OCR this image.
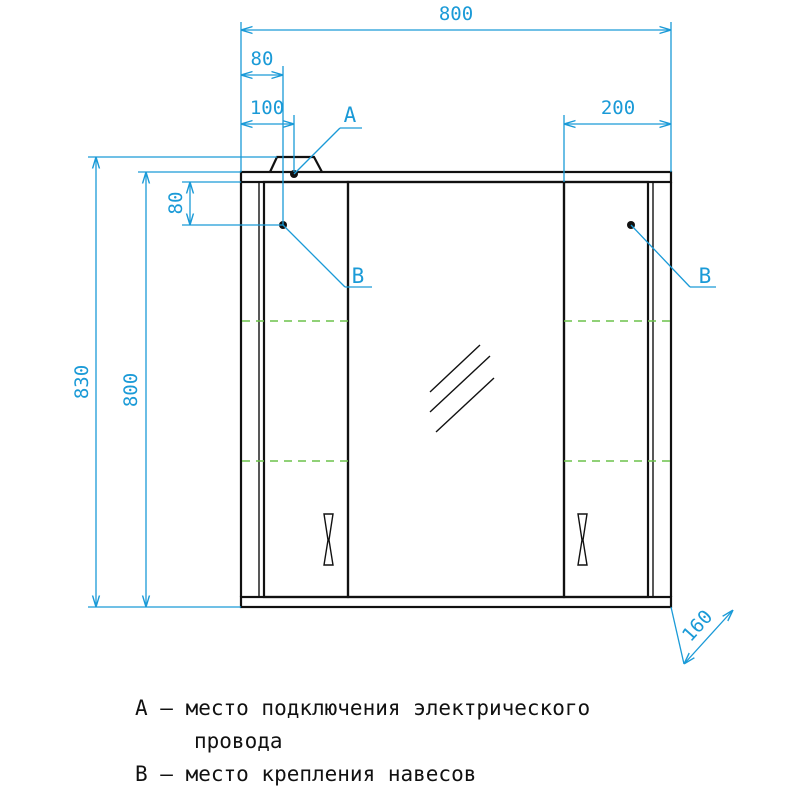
800
80
100	200
830 800
80
160
A
B	B
A – место подключения электрического
провода
B – место крепления навесов
